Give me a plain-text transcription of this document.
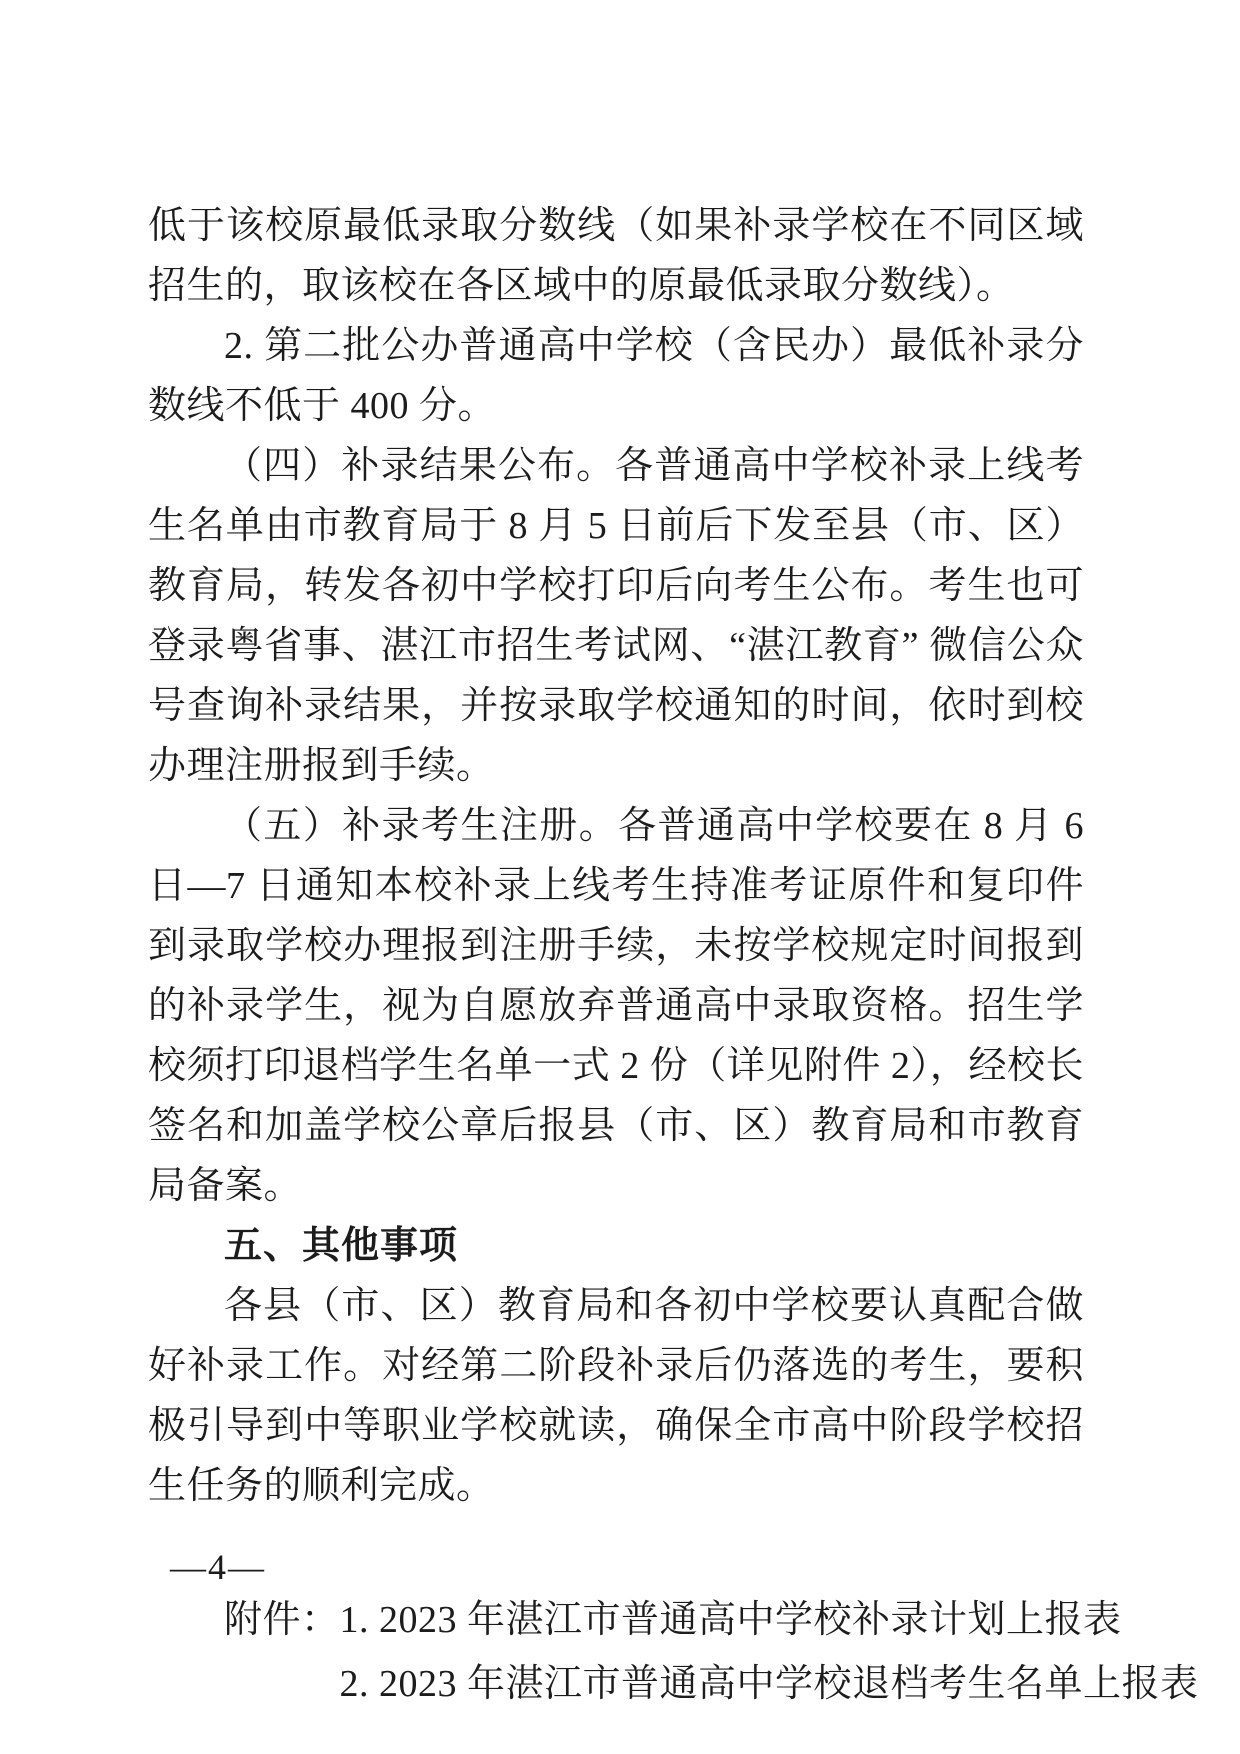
低于该校原最低录取分数线（如果补录学校在不同区域招生的，取该校在各区域中的原最低录取分数线）。

2. 第二批公办普通高中学校（含民办）最低补录分数线不低于 400 分。

（四）补录结果公布。各普通高中学校补录上线考生名单由市教育局于 8 月 5 日前后下发至县（市、区）教育局，转发各初中学校打印后向考生公布。考生也可登录粤省事、湛江市招生考试网、“湛江教育” 微信公众号查询补录结果，并按录取学校通知的时间，依时到校办理注册报到手续。

（五）补录考生注册。各普通高中学校要在 8 月 6 日—7 日通知本校补录上线考生持准考证原件和复印件到录取学校办理报到注册手续，未按学校规定时间报到的补录学生，视为自愿放弃普通高中录取资格。招生学校须打印退档学生名单一式 2 份（详见附件 2），经校长签名和加盖学校公章后报县（市、区）教育局和市教育局备案。

五、其他事项

各县（市、区）教育局和各初中学校要认真配合做好补录工作。对经第二阶段补录后仍落选的考生，要积极引导到中等职业学校就读，确保全市高中阶段学校招生任务的顺利完成。

附件： 1. 2023 年湛江市普通高中学校补录计划上报表
2. 2023 年湛江市普通高中学校退档考生名单上报表
—4—
